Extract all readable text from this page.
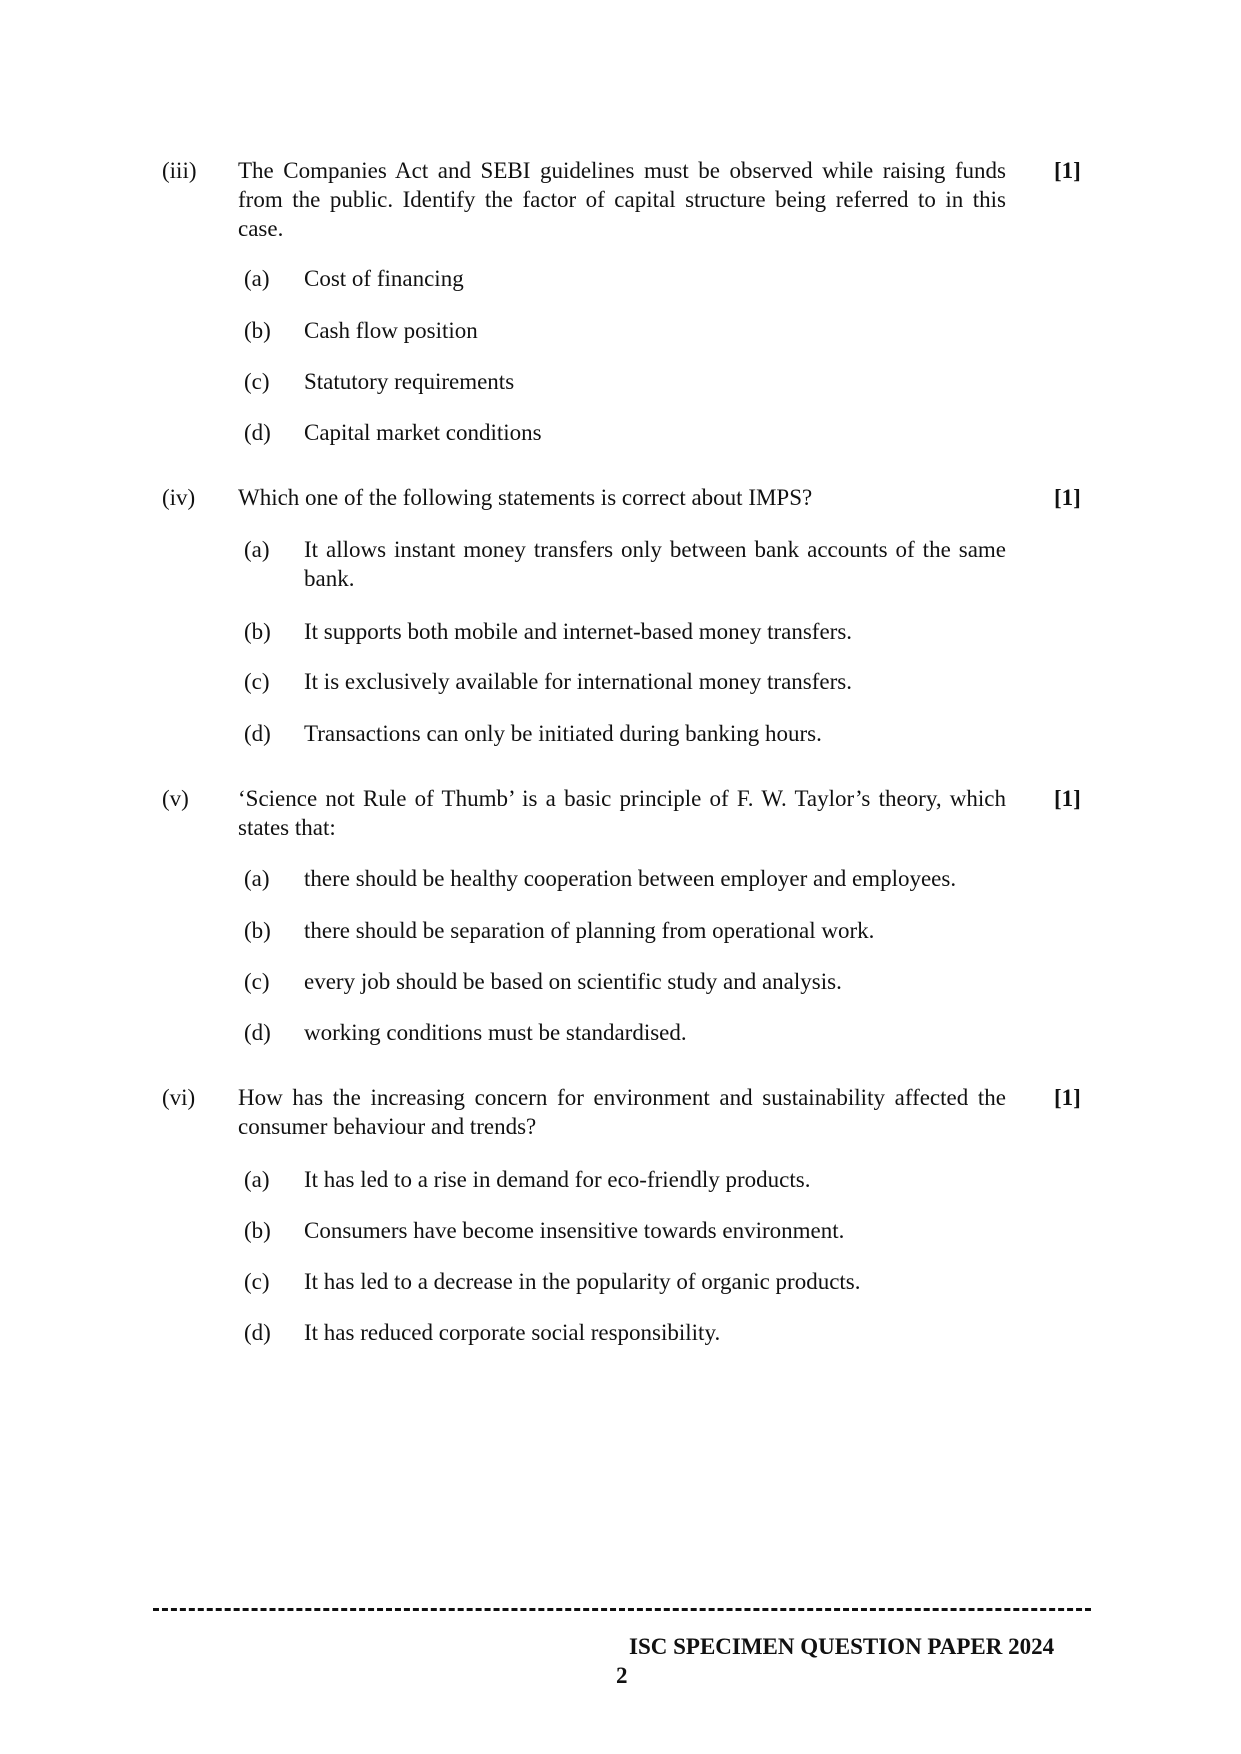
(iii) The Companies Act and SEBI guidelines must be observed while raising funds from the public. Identify the factor of capital structure being referred to in this case.
[1]
(a) Cost of financing
(b) Cash flow position
(c) Statutory requirements
(d) Capital market conditions
(iv) Which one of the following statements is correct about IMPS?	[1]
(a) It allows instant money transfers only between bank accounts of the same bank.
(b) It supports both mobile and internet-based money transfers.
(c) It is exclusively available for international money transfers.
(d) Transactions can only be initiated during banking hours.
(v) ‘Science not Rule of Thumb’ is a basic principle of F. W. Taylor’s theory, which states that:
[1]
(a) there should be healthy cooperation between employer and employees.
(b) there should be separation of planning from operational work.
(c) every job should be based on scientific study and analysis.
(d) working conditions must be standardised.
(vi) How has the increasing concern for environment and sustainability affected the consumer behaviour and trends?
[1]
(a) It has led to a rise in demand for eco-friendly products.
(b) Consumers have become insensitive towards environment.
(c) It has led to a decrease in the popularity of organic products.
(d) It has reduced corporate social responsibility.
ISC SPECIMEN QUESTION PAPER 2024
2
